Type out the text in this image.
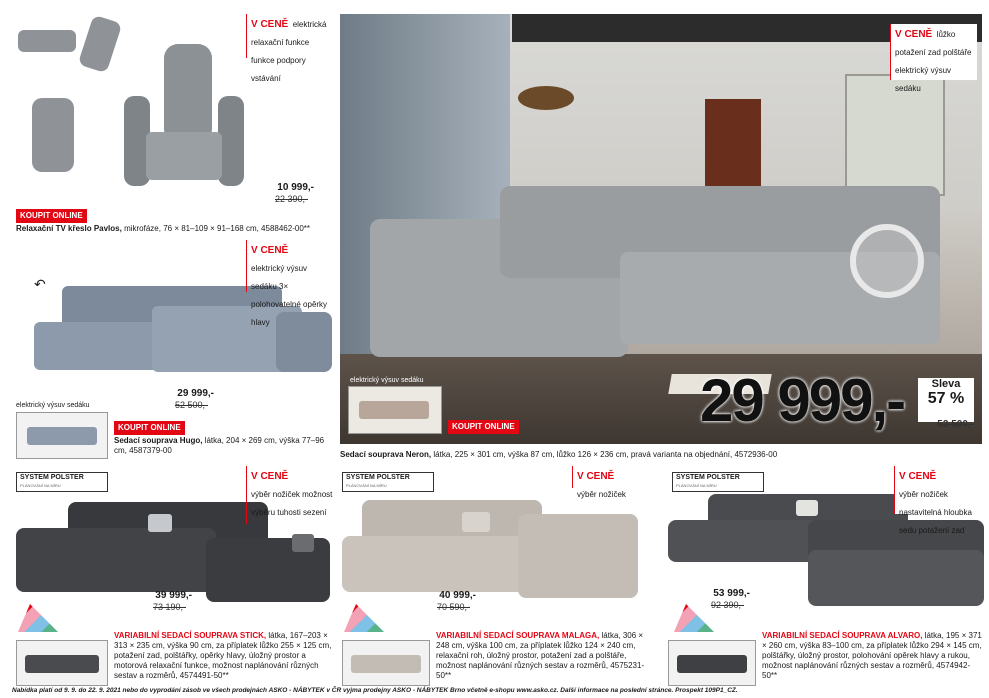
V CENĚ elektrická relaxační funkce funkce podpory vstávání
10 999,-
22 390,-
KOUPIT ONLINE
Relaxační TV křeslo Pavlos, mikrofáze, 76 × 81–109 × 91–168 cm, 4588462-00**
↶
V CENĚ
elektrický výsuv sedáku 3× polohovatelné opěrky hlavy
29 999,-
52 500,-
elektrický výsuv sedáku
KOUPIT ONLINE
Sedací souprava Hugo, látka, 204 × 269 cm, výška 77–96 cm, 4587379-00
V CENĚ lůžko potažení zad polštáře elektrický výsuv sedáku
elektrický výsuv sedáku
KOUPIT ONLINE	29 999,-	Sleva
57 %
52 500,-
Sedací souprava Neron, látka, 225 × 301 cm, výška 87 cm, lůžko 126 × 236 cm, pravá varianta na objednání, 4572936-00
SYSTEM POLSTER
PLÁNOVÁNÍ NA MÍRU
V CENĚ
výběr nožiček možnost výběru tuhosti sezení
39 999,-
73 190,-
VARIABILNÍ SEDACÍ SOUPRAVA STICK, látka, 167–203 × 313 × 235 cm, výška 90 cm, za příplatek lůžko 255 × 125 cm, potažení zad, polštářky, opěrky hlavy, úložný prostor a motorová relaxační funkce, možnost naplánování různých sestav a rozměrů, 4574491-50**
SYSTEM POLSTER
PLÁNOVÁNÍ NA MÍRU
V CENĚ
výběr nožiček
40 999,-
70 590,-
VARIABILNÍ SEDACÍ SOUPRAVA MALAGA, látka, 306 × 248 cm, výška 100 cm, za příplatek lůžko 124 × 240 cm, relaxační roh, úložný prostor, potažení zad a polštáře, možnost naplánování různých sestav a rozměrů, 4575231-50**
SYSTEM POLSTER
PLÁNOVÁNÍ NA MÍRU
V CENĚ
výběr nožiček nastavitelná hloubka sedu potažení zad
53 999,-
92 390,-
VARIABILNÍ SEDACÍ SOUPRAVA ALVARO, látka, 195 × 371 × 260 cm, výška 83–100 cm, za příplatek lůžko 294 × 145 cm, polštářky, úložný prostor, polohování opěrek hlavy a rukou, možnost naplánování různých sestav a rozměrů, 4574942-50**
Nabídka platí od 9. 9. do 22. 9. 2021 nebo do vyprodání zásob ve všech prodejnách ASKO - NÁBYTEK v ČR vyjma prodejny ASKO - NÁBYTEK Brno včetně e-shopu www.asko.cz. Další informace na poslední stránce. Prospekt 109P1_CZ.
